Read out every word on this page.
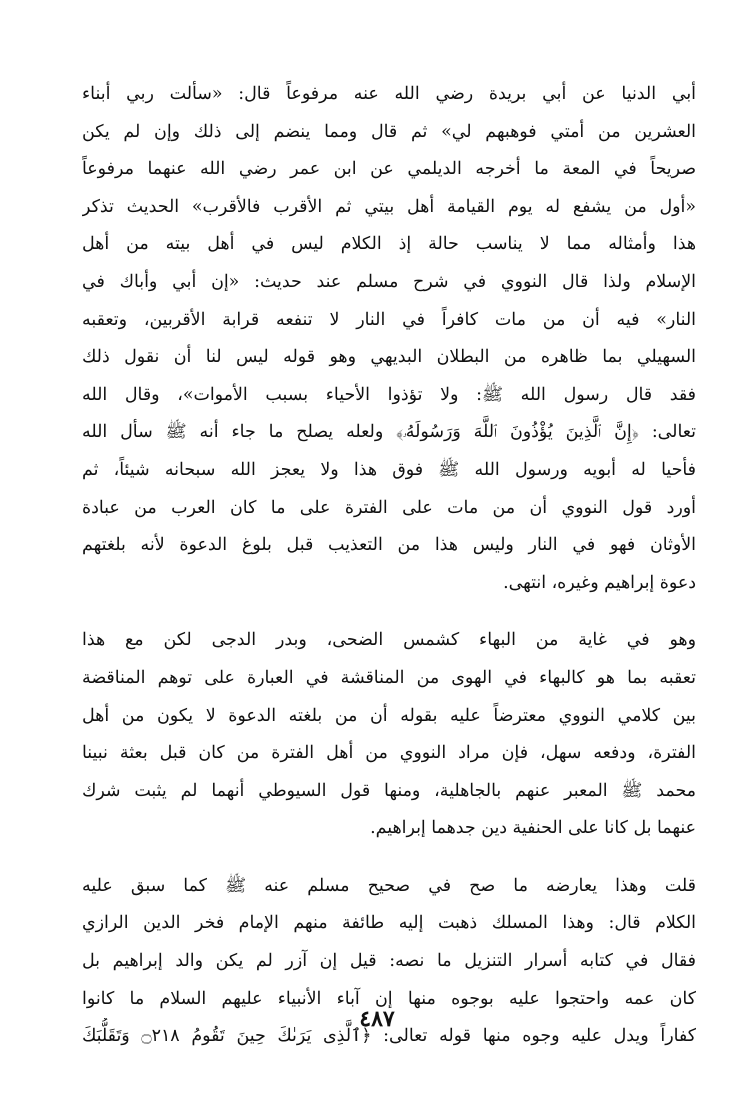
أبي الدنيا عن أبي بريدة رضي الله عنه مرفوعاً قال: «سألت ربي أبناء

العشرين من أمتي فوهبهم لي» ثم قال ومما ينضم إلى ذلك وإن لم يكن

صريحاً في المعة ما أخرجه الديلمي عن ابن عمر رضي الله عنهما مرفوعاً

«أول من يشفع له يوم القيامة أهل بيتي ثم الأقرب فالأقرب» الحديث تذكر

هذا وأمثاله مما لا يناسب حالة إذ الكلام ليس في أهل بيته من أهل

الإسلام ولذا قال النووي في شرح مسلم عند حديث: «إن أبي وأباك في

النار» فيه أن من مات كافراً في النار لا تنفعه قرابة الأقربين، وتعقبه

السهيلي بما ظاهره من البطلان البديهي وهو قوله ليس لنا أن نقول ذلك

فقد قال رسول الله ﷺ: ولا تؤذوا الأحياء بسبب الأموات»، وقال الله

تعالى: ﴿إِنَّ ٱلَّذِينَ يُؤْذُونَ ٱللَّهَ وَرَسُولَهُۥ﴾ ولعله يصلح ما جاء أنه ﷺ سأل الله

فأحيا له أبويه ورسول الله ﷺ فوق هذا ولا يعجز الله سبحانه شيئاً، ثم

أورد قول النووي أن من مات على الفترة على ما كان العرب من عبادة

الأوثان فهو في النار وليس هذا من التعذيب قبل بلوغ الدعوة لأنه بلغتهم

دعوة إبراهيم وغيره، انتهى.

وهو في غاية من البهاء كشمس الضحى، وبدر الدجى لكن مع هذا

تعقبه بما هو كالبهاء في الهوى من المناقشة في العبارة على توهم المناقضة

بين كلامي النووي معترضاً عليه بقوله أن من بلغته الدعوة لا يكون من أهل

الفترة، ودفعه سهل، فإن مراد النووي من أهل الفترة من كان قبل بعثة نبينا

محمد ﷺ المعبر عنهم بالجاهلية، ومنها قول السيوطي أنهما لم يثبت شرك

عنهما بل كانا على الحنفية دين جدهما إبراهيم.

قلت وهذا يعارضه ما صح في صحيح مسلم عنه ﷺ كما سبق عليه

الكلام قال: وهذا المسلك ذهبت إليه طائفة منهم الإمام فخر الدين الرازي

فقال في كتابه أسرار التنزيل ما نصه: قيل إن آزر لم يكن والد إبراهيم بل

كان عمه واحتجوا عليه بوجوه منها إن آباء الأنبياء عليهم السلام ما كانوا

كفاراً ويدل عليه وجوه منها قوله تعالى: ﴿ٱلَّذِى يَرَىٰكَ حِينَ تَقُومُ ۝٢١٨ وَتَقَلُّبَكَ

٤٨٧
